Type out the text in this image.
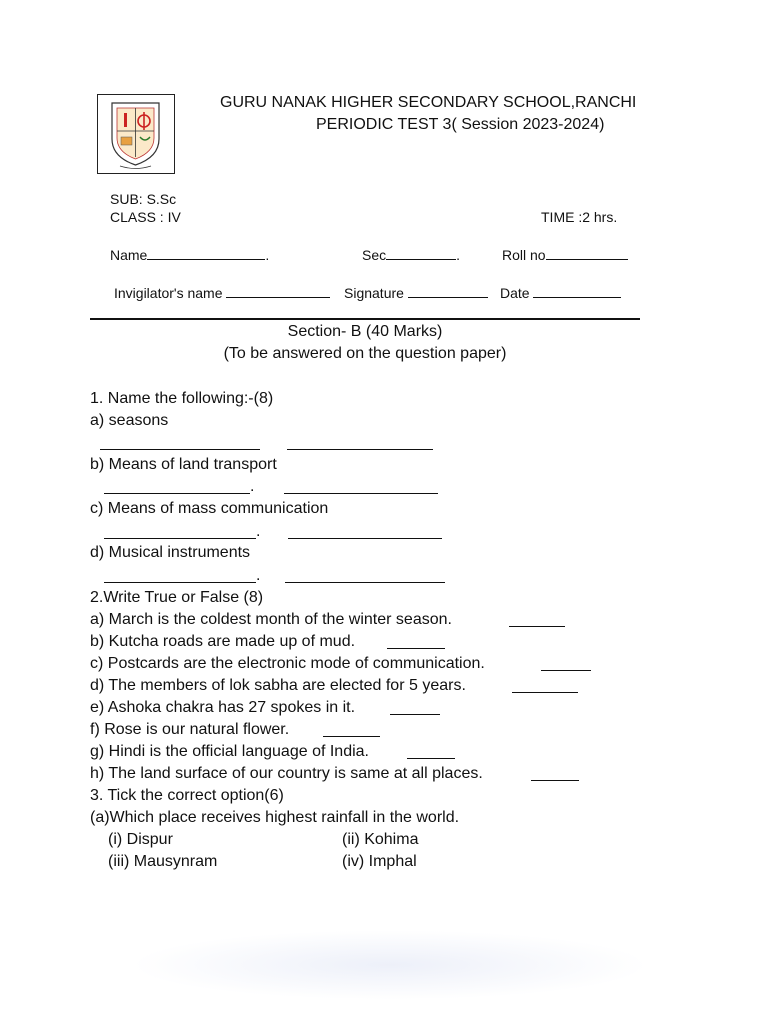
GURU NANAK HIGHER SECONDARY SCHOOL,RANCHI
PERIODIC TEST 3( Session 2023-2024)
SUB: S.Sc
CLASS : IV	TIME :2 hrs.
Name	.	Sec	.	Roll no
Invigilator's name	Signature	Date
Section- B (40 Marks)
(To be answered on the question paper)
1. Name the following:-(8)
a) seasons
b) Means of land transport
.
c) Means of mass communication
.
d) Musical instruments
.
2.Write True or False (8)
a) March is the coldest month of the winter season.
b) Kutcha roads are made up of mud.
c) Postcards are the electronic mode of communication.
d) The members of lok sabha are elected for 5 years.
e) Ashoka chakra has 27 spokes in it.
f) Rose is our natural flower.
g) Hindi is the official language of India.
h) The land surface of our country is same at all places.
3. Tick the correct option(6)
(a)Which place receives highest rainfall in the world.
(i) Dispur	(ii) Kohima
(iii) Mausynram	(iv) Imphal
